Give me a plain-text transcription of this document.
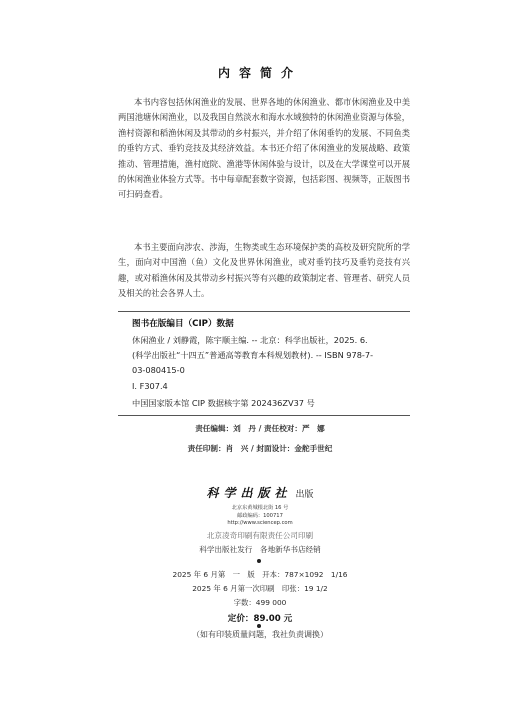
内容简介

本书内容包括休闲渔业的发展、世界各地的休闲渔业、都市休闲渔业及中美两国池塘休闲渔业，以及我国自然淡水和海水水域独特的休闲渔业资源与体验，渔村资源和稻渔休闲及其带动的乡村振兴，并介绍了休闲垂钓的发展、不同鱼类的垂钓方式、垂钓竞技及其经济效益。本书还介绍了休闲渔业的发展战略、政策推动、管理措施，渔村庭院、渔港等休闲体验与设计，以及在大学课堂可以开展的休闲渔业体验方式等。书中每章配套数字资源，包括彩图、视频等，正版图书可扫码查看。

本书主要面向涉农、涉海，生物类或生态环境保护类的高校及研究院所的学生，面向对中国渔（鱼）文化及世界休闲渔业，或对垂钓技巧及垂钓竞技有兴趣，或对稻渔休闲及其带动乡村振兴等有兴趣的政策制定者、管理者、研究人员及相关的社会各界人士。

图书在版编目（CIP）数据
休闲渔业 / 刘静霞，陈宇顺主编. -- 北京：科学出版社，2025. 6.
(科学出版社“十四五”普通高等教育本科规划教材). -- ISBN 978-7-
03-080415-0
I. F307.4
中国国家版本馆 CIP 数据核字第 202436ZV37 号
责任编辑：刘　丹 / 责任校对：严　娜
责任印制：肖　兴 / 封面设计：金舵手世纪
科学出版社 出版
北京东黄城根北街 16 号
邮政编码：100717
http://www.sciencep.com
北京凌奇印刷有限责任公司印刷
科学出版社发行　各地新华书店经销
2025 年 6 月第　一　版　开本：787×1092　1/16
2025 年 6 月第一次印刷　印张：19 1/2
字数：499 000
定价：89.00 元
（如有印装质量问题，我社负责调换）
